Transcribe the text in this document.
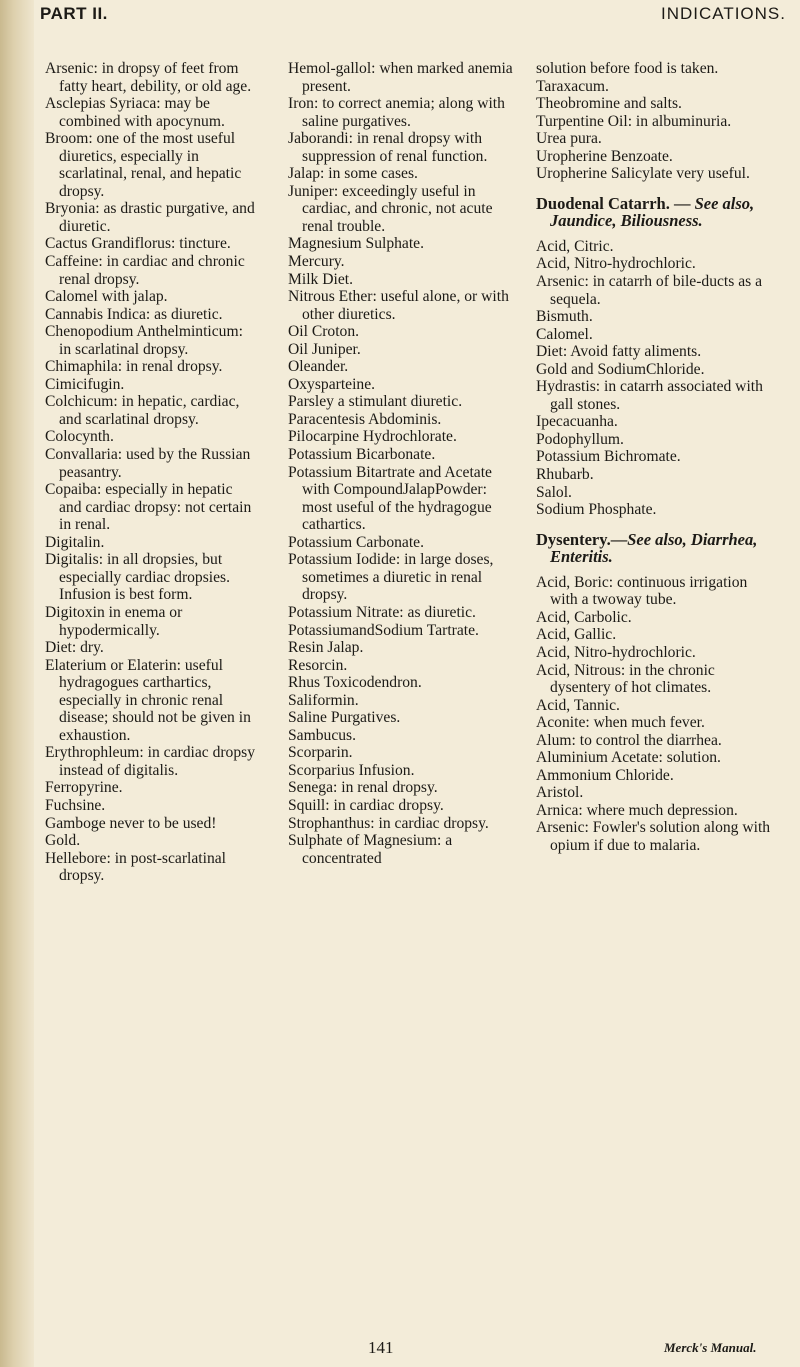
PART II.	INDICATIONS.

Arsenic: in dropsy of feet from fatty heart, debility, or old age.

Asclepias Syriaca: may be combined with apocynum.

Broom: one of the most useful diuretics, especially in scarlatinal, renal, and hepatic dropsy.

Bryonia: as drastic purgative, and diuretic.

Cactus Grandiflorus: tincture.

Caffeine: in cardiac and chronic renal dropsy.

Calomel with jalap.

Cannabis Indica: as diuretic.

Chenopodium Anthelminticum: in scarlatinal dropsy.

Chimaphila: in renal dropsy.

Cimicifugin.

Colchicum: in hepatic, cardiac, and scarlatinal dropsy.

Colocynth.

Convallaria: used by the Russian peasantry.

Copaiba: especially in hepatic and cardiac dropsy: not certain in renal.

Digitalin.

Digitalis: in all dropsies, but especially cardiac dropsies. Infusion is best form.

Digitoxin in enema or hypodermically.

Diet: dry.

Elaterium or Elaterin: useful hydragogues carthartics, especially in chronic renal disease; should not be given in exhaustion.

Erythrophleum: in cardiac dropsy instead of digitalis.

Ferropyrine.

Fuchsine.

Gamboge never to be used!

Gold.

Hellebore: in post-scarlatinal dropsy.

Hemol-gallol: when marked anemia present.

Iron: to correct anemia; along with saline purgatives.

Jaborandi: in renal dropsy with suppression of renal function.

Jalap: in some cases.

Juniper: exceedingly useful in cardiac, and chronic, not acute renal trouble.

Magnesium Sulphate.

Mercury.

Milk Diet.

Nitrous Ether: useful alone, or with other diuretics.

Oil Croton.

Oil Juniper.

Oleander.

Oxysparteine.

Parsley a stimulant diuretic.

Paracentesis Abdominis.

Pilocarpine Hydrochlorate.

Potassium Bicarbonate.

Potassium Bitartrate and Acetate with CompoundJalapPowder: most useful of the hydragogue cathartics.

Potassium Carbonate.

Potassium Iodide: in large doses, sometimes a diuretic in renal dropsy.

Potassium Nitrate: as diuretic.

PotassiumandSodium Tartrate.

Resin Jalap.

Resorcin.

Rhus Toxicodendron.

Saliformin.

Saline Purgatives.

Sambucus.

Scorparin.

Scorparius Infusion.

Senega: in renal dropsy.

Squill: in cardiac dropsy.

Strophanthus: in cardiac dropsy.

Sulphate of Magnesium: a concentrated

solution before food is taken.

Taraxacum.

Theobromine and salts.

Turpentine Oil: in albuminuria.

Urea pura.

Uropherine Benzoate.

Uropherine Salicylate very useful.

Duodenal Catarrh. — See also, Jaundice, Biliousness.

Acid, Citric.

Acid, Nitro-hydrochloric.

Arsenic: in catarrh of bile-ducts as a sequela.

Bismuth.

Calomel.

Diet: Avoid fatty aliments.

Gold and SodiumChloride.

Hydrastis: in catarrh associated with gall stones.

Ipecacuanha.

Podophyllum.

Potassium Bichromate.

Rhubarb.

Salol.

Sodium Phosphate.

Dysentery.—See also, Diarrhea, Enteritis.

Acid, Boric: continuous irrigation with a twoway tube.

Acid, Carbolic.

Acid, Gallic.

Acid, Nitro-hydrochloric.

Acid, Nitrous: in the chronic dysentery of hot climates.

Acid, Tannic.

Aconite: when much fever.

Alum: to control the diarrhea.

Aluminium Acetate: solution.

Ammonium Chloride.

Aristol.

Arnica: where much depression.

Arsenic: Fowler's solution along with opium if due to malaria.

141	Merck's Manual.
